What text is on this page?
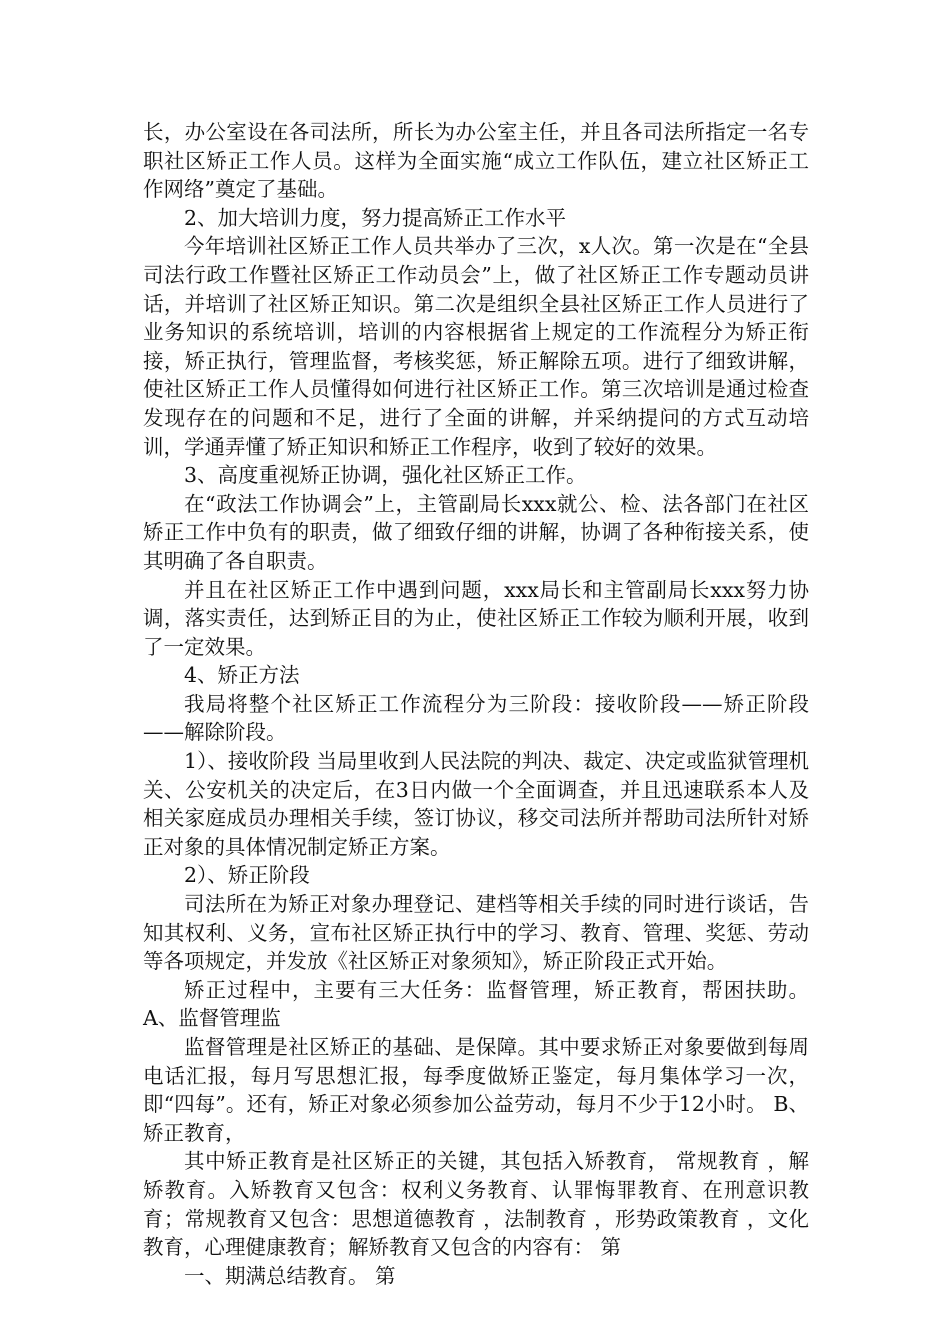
长，办公室设在各司法所，所长为办公室主任，并且各司法所指定一名专职社区矫正工作人员。这样为全面实施“成立工作队伍，建立社区矫正工作网络”奠定了基础。

2、加大培训力度，努力提高矫正工作水平

今年培训社区矫正工作人员共举办了三次，x人次。第一次是在“全县司法行政工作暨社区矫正工作动员会”上，做了社区矫正工作专题动员讲话，并培训了社区矫正知识。第二次是组织全县社区矫正工作人员进行了业务知识的系统培训，培训的内容根据省上规定的工作流程分为矫正衔接，矫正执行，管理监督，考核奖惩，矫正解除五项。进行了细致讲解，使社区矫正工作人员懂得如何进行社区矫正工作。第三次培训是通过检查发现存在的问题和不足，进行了全面的讲解，并采纳提问的方式互动培训，学通弄懂了矫正知识和矫正工作程序，收到了较好的效果。

3、高度重视矫正协调，强化社区矫正工作。

在“政法工作协调会”上，主管副局长xxx就公、检、法各部门在社区矫正工作中负有的职责，做了细致仔细的讲解，协调了各种衔接关系，使其明确了各自职责。

并且在社区矫正工作中遇到问题，xxx局长和主管副局长xxx努力协调，落实责任，达到矫正目的为止，使社区矫正工作较为顺利开展，收到了一定效果。

4、矫正方法

我局将整个社区矫正工作流程分为三阶段：接收阶段——矫正阶段——解除阶段。

1）、接收阶段 当局里收到人民法院的判决、裁定、决定或监狱管理机关、公安机关的决定后，在3日内做一个全面调查，并且迅速联系本人及相关家庭成员办理相关手续，签订协议，移交司法所并帮助司法所针对矫正对象的具体情况制定矫正方案。

2）、矫正阶段

司法所在为矫正对象办理登记、建档等相关手续的同时进行谈话，告知其权利、义务，宣布社区矫正执行中的学习、教育、管理、奖惩、劳动等各项规定，并发放《社区矫正对象须知》，矫正阶段正式开始。

矫正过程中，主要有三大任务：监督管理，矫正教育，帮困扶助。 A、监督管理监

监督管理是社区矫正的基础、是保障。其中要求矫正对象要做到每周电话汇报，每月写思想汇报，每季度做矫正鉴定，每月集体学习一次，即“四每”。还有，矫正对象必须参加公益劳动，每月不少于12小时。 B、矫正教育，

其中矫正教育是社区矫正的关键，其包括入矫教育， 常规教育 ，解矫教育。入矫教育又包含：权利义务教育、认罪悔罪教育、在刑意识教育；常规教育又包含：思想道德教育 ，法制教育 ，形势政策教育 ，文化教育，心理健康教育；解矫教育又包含的内容有： 第

一、期满总结教育。 第
